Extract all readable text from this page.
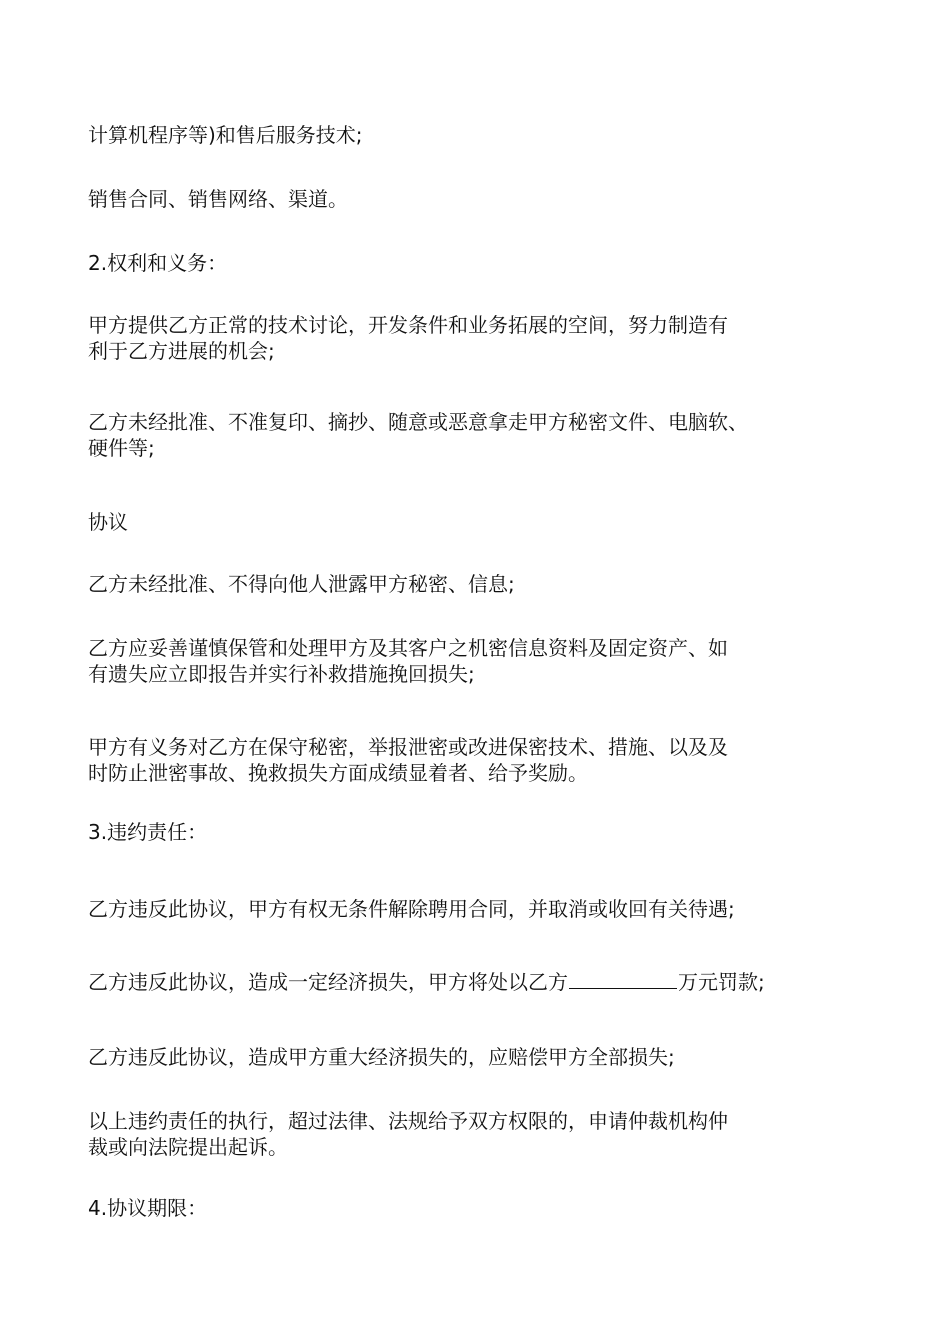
计算机程序等)和售后服务技术;

销售合同、销售网络、渠道。

2.权利和义务：

甲方提供乙方正常的技术讨论，开发条件和业务拓展的空间，努力制造有
利于乙方进展的机会;

乙方未经批准、不准复印、摘抄、随意或恶意拿走甲方秘密文件、电脑软、
硬件等;

协议

乙方未经批准、不得向他人泄露甲方秘密、信息;

乙方应妥善谨慎保管和处理甲方及其客户之机密信息资料及固定资产、如
有遗失应立即报告并实行补救措施挽回损失;

甲方有义务对乙方在保守秘密，举报泄密或改进保密技术、措施、以及及
时防止泄密事故、挽救损失方面成绩显着者、给予奖励。

3.违约责任：

乙方违反此协议，甲方有权无条件解除聘用合同，并取消或收回有关待遇;

乙方违反此协议，造成一定经济损失，甲方将处以乙方	万元罚款;

乙方违反此协议，造成甲方重大经济损失的，应赔偿甲方全部损失;

以上违约责任的执行，超过法律、法规给予双方权限的，申请仲裁机构仲
裁或向法院提出起诉。

4.协议期限：
